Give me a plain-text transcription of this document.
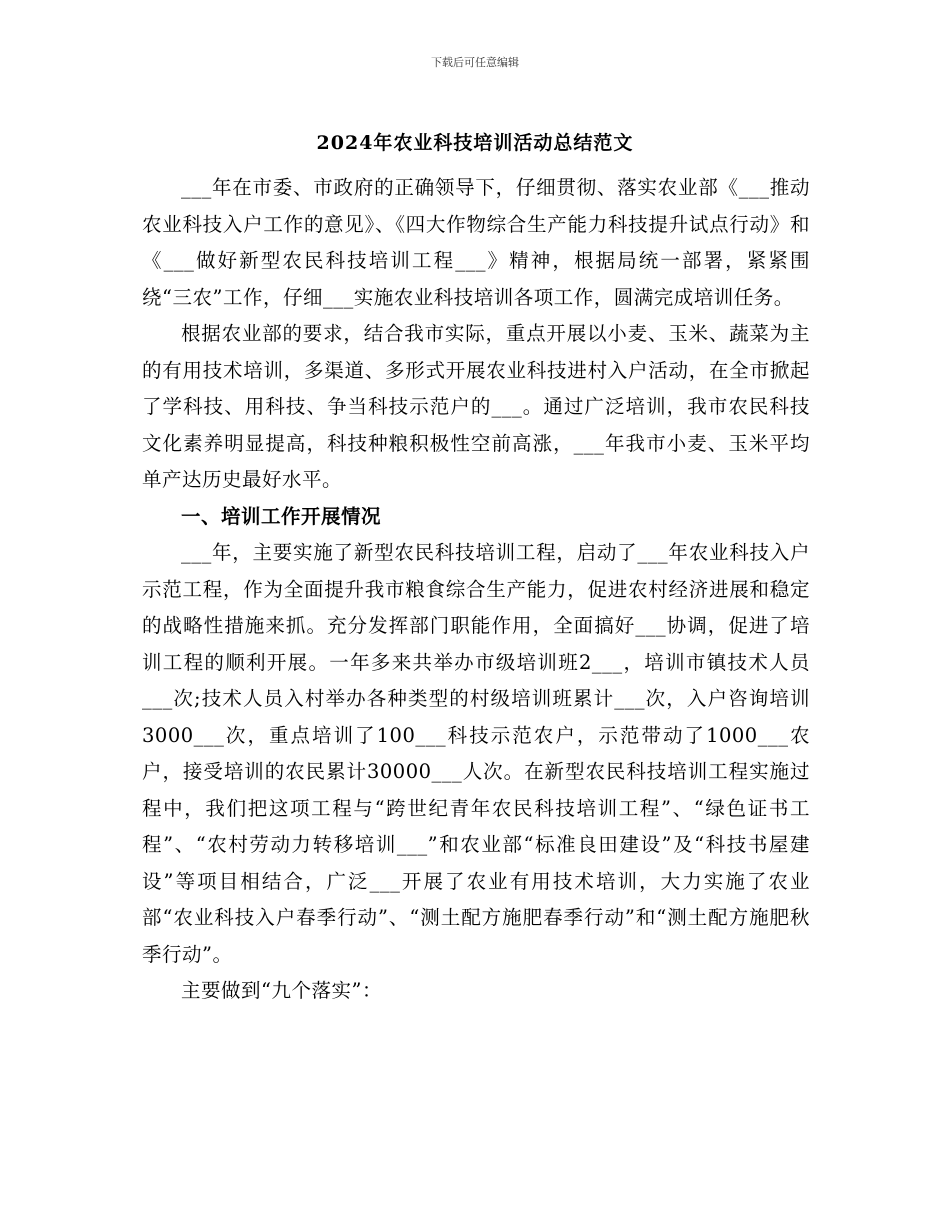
下载后可任意编辑
2024年农业科技培训活动总结范文

___年在市委、市政府的正确领导下，仔细贯彻、落实农业部《___推动农业科技入户工作的意见》、《四大作物综合生产能力科技提升试点行动》和《___做好新型农民科技培训工程___》精神，根据局统一部署，紧紧围绕“三农”工作，仔细___实施农业科技培训各项工作，圆满完成培训任务。

根据农业部的要求，结合我市实际，重点开展以小麦、玉米、蔬菜为主的有用技术培训，多渠道、多形式开展农业科技进村入户活动，在全市掀起了学科技、用科技、争当科技示范户的___。通过广泛培训，我市农民科技文化素养明显提高，科技种粮积极性空前高涨，___年我市小麦、玉米平均单产达历史最好水平。

一、培训工作开展情况

___年，主要实施了新型农民科技培训工程，启动了___年农业科技入户示范工程，作为全面提升我市粮食综合生产能力，促进农村经济进展和稳定的战略性措施来抓。充分发挥部门职能作用，全面搞好___协调，促进了培训工程的顺利开展。一年多来共举办市级培训班2___，培训市镇技术人员___次;技术人员入村举办各种类型的村级培训班累计___次，入户咨询培训3000___次，重点培训了100___科技示范农户，示范带动了1000___农户，接受培训的农民累计30000___人次。在新型农民科技培训工程实施过程中，我们把这项工程与“跨世纪青年农民科技培训工程”、“绿色证书工程”、“农村劳动力转移培训___”和农业部“标准良田建设”及“科技书屋建设”等项目相结合，广泛___开展了农业有用技术培训，大力实施了农业部“农业科技入户春季行动”、“测土配方施肥春季行动”和“测土配方施肥秋季行动”。

主要做到“九个落实”：
